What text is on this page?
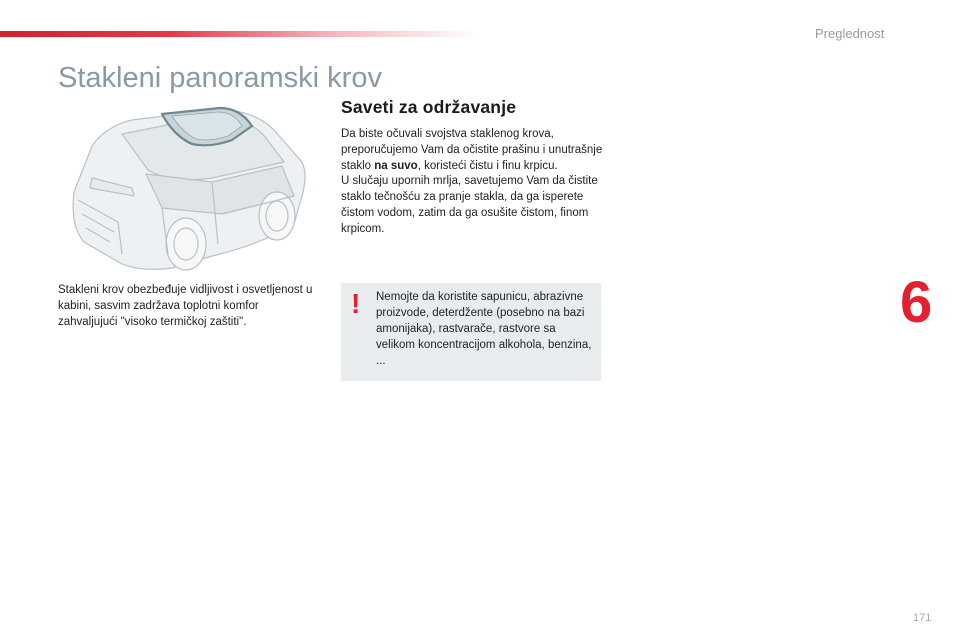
Preglednost
Stakleni panoramski krov

Stakleni krov obezbeđuje vidljivost i osvetljenost u kabini, sasvim zadržava toplotni komfor zahvaljujući "visoko termičkoj zaštiti".

Saveti za održavanje

Da biste očuvali svojstva staklenog krova, preporučujemo Vam da očistite prašinu i unutrašnje staklo na suvo, koristeći čistu i finu krpicu.

U slučaju upornih mrlja, savetujemo Vam da čistite staklo tečnošću za pranje stakla, da ga isperete čistom vodom, zatim da ga osušite čistom, finom krpicom.

! Nemojte da koristite sapunicu, abrazivne proizvode, deterdžente (posebno na bazi amonijaka), rastvarače, rastvore sa velikom koncentracijom alkohola, benzina, ...

6
171
